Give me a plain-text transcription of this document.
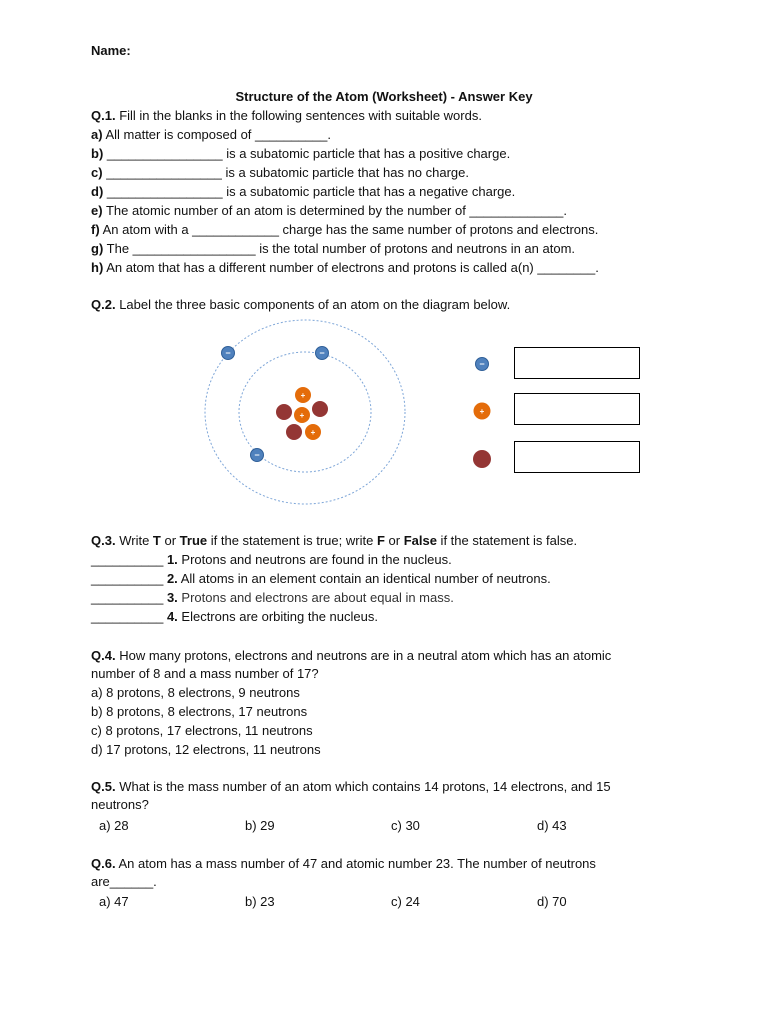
Name:
Structure of the Atom (Worksheet) - Answer Key
Q.1. Fill in the blanks in the following sentences with suitable words.
a) All matter is composed of __________.
b) ________________ is a subatomic particle that has a positive charge.
c) ________________ is a subatomic particle that has no charge.
d) ________________ is a subatomic particle that has a negative charge.
e) The atomic number of an atom is determined by the number of _____________.
f) An atom with a ____________ charge has the same number of protons and electrons.
g) The _________________ is the total number of protons and neutrons in an atom.
h) An atom that has a different number of electrons and protons is called a(n) ________.
Q.2. Label the three basic components of an atom on the diagram below.
+
+
+
−	−
−
−
+
Q.3. Write T or True if the statement is true; write F or False if the statement is false.
__________ 1. Protons and neutrons are found in the nucleus.
__________ 2. All atoms in an element contain an identical number of neutrons.
__________ 3. Protons and electrons are about equal in mass.
__________ 4. Electrons are orbiting the nucleus.
Q.4. How many protons, electrons and neutrons are in a neutral atom which has an atomic
number of 8 and a mass number of 17?
a) 8 protons, 8 electrons, 9 neutrons
b) 8 protons, 8 electrons, 17 neutrons
c) 8 protons, 17 electrons, 11 neutrons
d) 17 protons, 12 electrons, 11 neutrons
Q.5. What is the mass number of an atom which contains 14 protons, 14 electrons, and 15
neutrons?
a) 28	b) 29	c) 30	d) 43
Q.6. An atom has a mass number of 47 and atomic number 23. The number of neutrons
are______.
a) 47	b) 23	c) 24	d) 70
